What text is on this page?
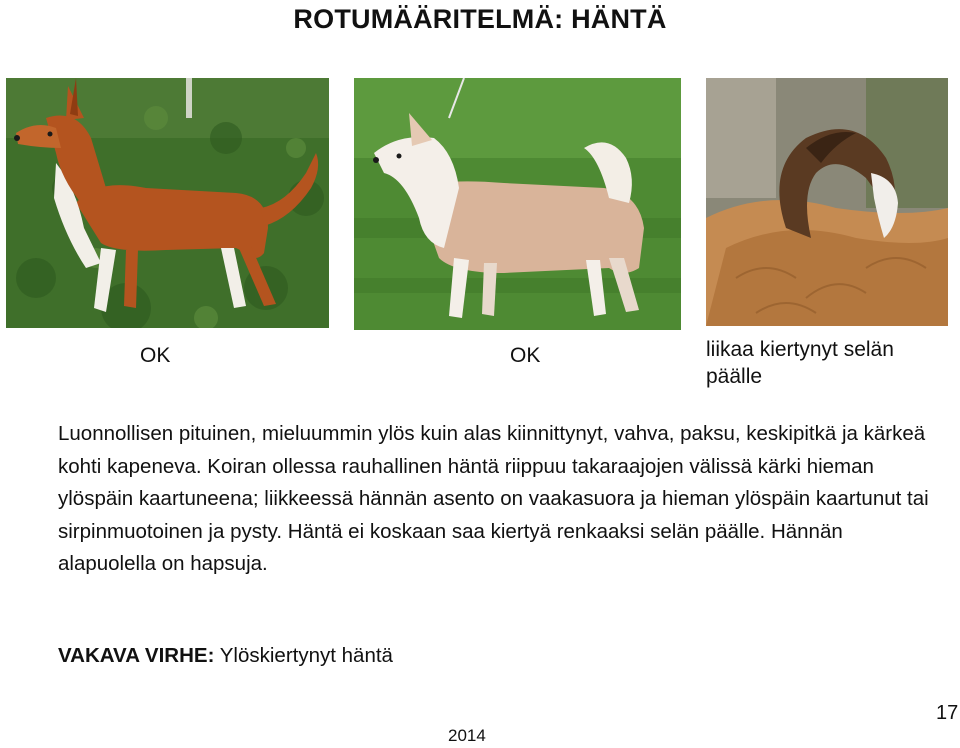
ROTUMÄÄRITELMÄ: HÄNTÄ
OK	OK	liikaa kiertynyt selän päälle
Luonnollisen pituinen, mieluummin ylös kuin alas kiinnittynyt, vahva, paksu, keskipitkä ja kärkeä kohti kapeneva. Koiran ollessa rauhallinen häntä riippuu takaraajojen välissä kärki hieman ylöspäin kaartuneena; liikkeessä hännän asento on vaakasuora ja hieman ylöspäin kaartunut tai sirpinmuotoinen ja pysty. Häntä ei koskaan saa kiertyä renkaaksi selän päälle. Hännän alapuolella on hapsuja.
VAKAVA VIRHE: Ylöskiertynyt häntä
2014
17
